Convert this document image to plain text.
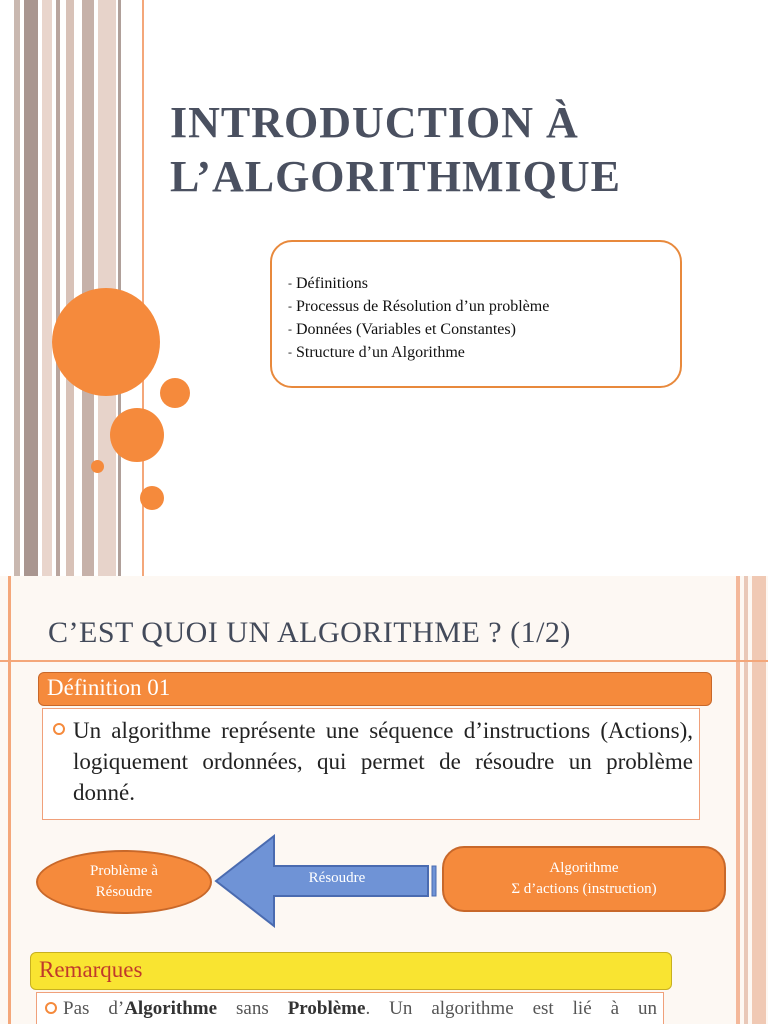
INTRODUCTION À
L’ALGORITHMIQUE
- Définitions
- Processus de Résolution d’un problème
- Données (Variables et Constantes)
- Structure d’un Algorithme
C’EST QUOI UN ALGORITHME ? (1/2)
Définition 01

Un algorithme représente une séquence d’instructions (Actions), logiquement ordonnées, qui permet de résoudre un problème donné.

Problème à
Résoudre
Résoudre
Algorithme
Σ d’actions (instruction)
Remarques

Pas d’Algorithme sans Problème. Un algorithme est lié à un
